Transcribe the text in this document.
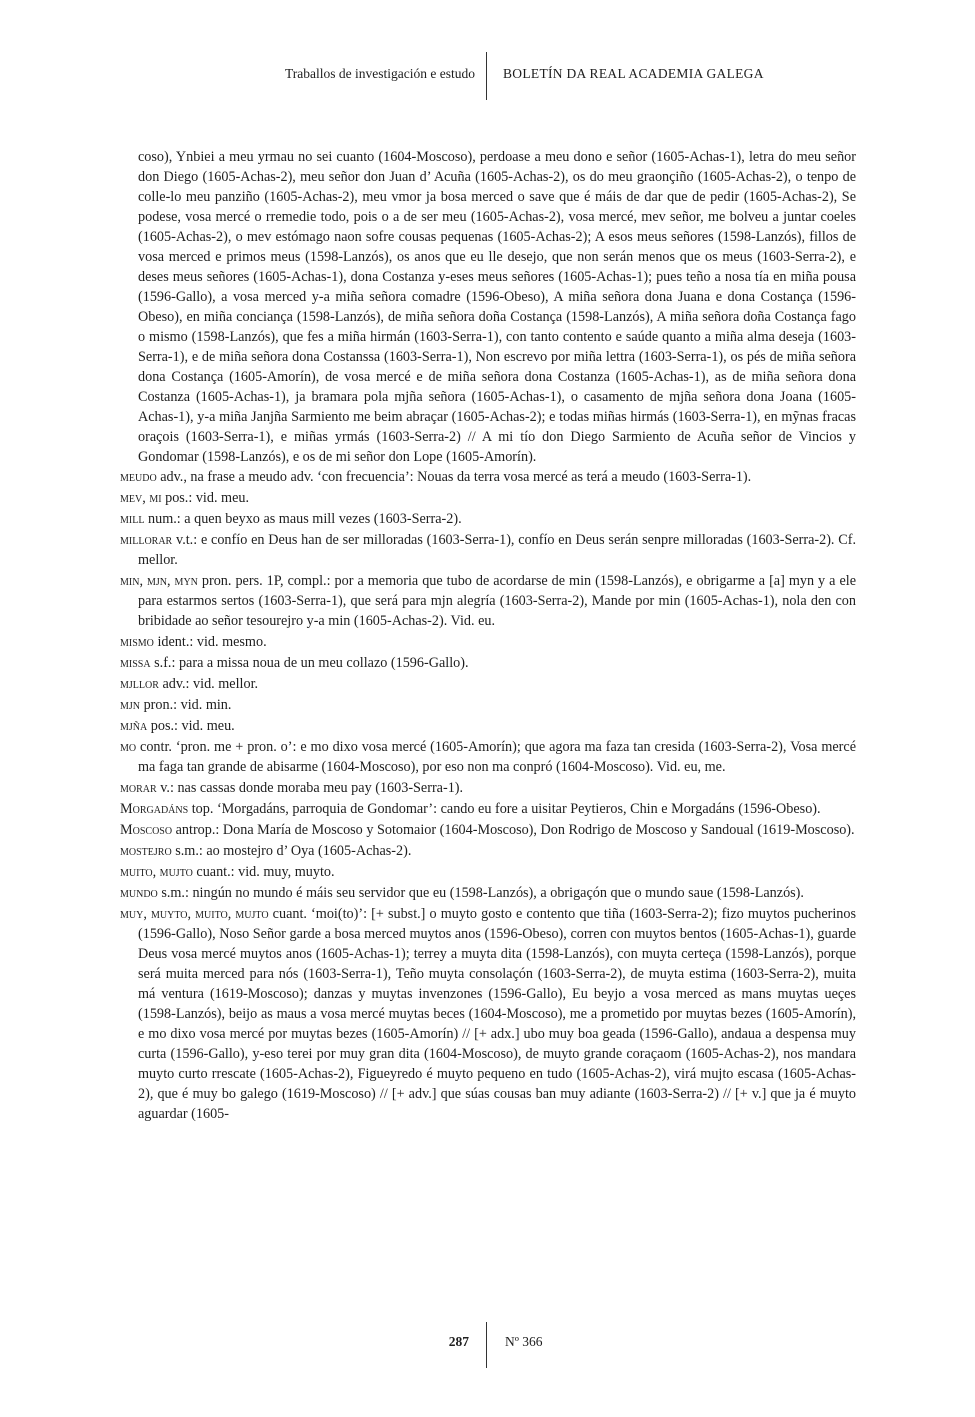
Traballos de investigación e estudo BOLETÍN DA REAL ACADEMIA GALEGA

coso), Ynbiei a meu yrmau no sei cuanto (1604-Moscoso), perdoase a meu dono e señor (1605-Achas-1), letra do meu señor don Diego (1605-Achas-2), meu señor don Juan d’ Acuña (1605-Achas-2), os do meu graonçiño (1605-Achas-2), o tenpo de colle-lo meu panziño (1605-Achas-2), meu vmor ja bosa merced o save que é máis de dar que de pedir (1605-Achas-2), Se podese, vosa mercé o rremedie todo, pois o a de ser meu (1605-Achas-2), vosa mercé, mev señor, me bolveu a juntar coeles (1605-Achas-2), o mev estómago naon sofre cousas pequenas (1605-Achas-2); A esos meus señores (1598-Lanzós), fillos de vosa merced e primos meus (1598-Lanzós), os anos que eu lle desejo, que non serán menos que os meus (1603-Serra-2), e deses meus señores (1605-Achas-1), dona Costanza y-eses meus señores (1605-Achas-1); pues teño a nosa tía en miña pousa (1596-Gallo), a vosa merced y-a miña señora comadre (1596-Obeso), A miña señora dona Juana e dona Costança (1596-Obeso), en miña conciança (1598-Lanzós), de miña señora doña Costança (1598-Lanzós), A miña señora doña Costança fago o mismo (1598-Lanzós), que fes a miña hirmán (1603-Serra-1), con tanto contento e saúde quanto a miña alma deseja (1603-Serra-1), e de miña señora dona Costanssa (1603-Serra-1), Non escrevo por miña lettra (1603-Serra-1), os pés de miña señora dona Costança (1605-Amorín), de vosa mercé e de miña señora dona Costanza (1605-Achas-1), as de miña señora dona Costanza (1605-Achas-1), ja bramara pola mjña señora (1605-Achas-1), o casamento de mjña señora dona Joana (1605-Achas-1), y-a miña Janjña Sarmiento me beim abraçar (1605-Achas-2); e todas miñas hirmás (1603-Serra-1), en mỹnas fracas oraçois (1603-Serra-1), e miñas yrmás (1603-Serra-2) // A mi tío don Diego Sarmiento de Acuña señor de Vincios y Gondomar (1598-Lanzós), e os de mi señor don Lope (1605-Amorín).

meudo adv., na frase a meudo adv. ‘con frecuencia’: Nouas da terra vosa mercé as terá a meudo (1603-Serra-1).

mev, mi pos.: vid. meu.

mill num.: a quen beyxo as maus mill vezes (1603-Serra-2).

millorar v.t.: e confío en Deus han de ser milloradas (1603-Serra-1), confío en Deus serán senpre milloradas (1603-Serra-2). Cf. mellor.

min, mjn, myn pron. pers. 1P, compl.: por a memoria que tubo de acordarse de min (1598-Lanzós), e obrigarme a [a] myn y a ele para estarmos sertos (1603-Serra-1), que será para mjn alegría (1603-Serra-2), Mande por min (1605-Achas-1), nola den con bribidade ao señor tesourejro y-a min (1605-Achas-2). Vid. eu.

mismo ident.: vid. mesmo.

missa s.f.: para a missa noua de un meu collazo (1596-Gallo).

mjllor adv.: vid. mellor.

mjn pron.: vid. min.

mjña pos.: vid. meu.

mo contr. ‘pron. me + pron. o’: e mo dixo vosa mercé (1605-Amorín); que agora ma faza tan cresida (1603-Serra-2), Vosa mercé ma faga tan grande de abisarme (1604-Moscoso), por eso non ma conpró (1604-Moscoso). Vid. eu, me.

morar v.: nas cassas donde moraba meu pay (1603-Serra-1).

Morgadáns top. ‘Morgadáns, parroquia de Gondomar’: cando eu fore a uisitar Peytieros, Chin e Morgadáns (1596-Obeso).

Moscoso antrop.: Dona María de Moscoso y Sotomaior (1604-Moscoso), Don Rodrigo de Moscoso y Sandoual (1619-Moscoso).

mostejro s.m.: ao mostejro d’ Oya (1605-Achas-2).

muito, mujto cuant.: vid. muy, muyto.

mundo s.m.: ningún no mundo é máis seu servidor que eu (1598-Lanzós), a obrigaçón que o mundo saue (1598-Lanzós).

muy, muyto, muito, mujto cuant. ‘moi(to)’: [+ subst.] o muyto gosto e contento que tiña (1603-Serra-2); fizo muytos pucherinos (1596-Gallo), Noso Señor garde a bosa merced muytos anos (1596-Obeso), corren con muytos bentos (1605-Achas-1), guarde Deus vosa mercé muytos anos (1605-Achas-1); terrey a muyta dita (1598-Lanzós), con muyta certeça (1598-Lanzós), porque será muita merced para nós (1603-Serra-1), Teño muyta consolaçón (1603-Serra-2), de muyta estima (1603-Serra-2), muita má ventura (1619-Moscoso); danzas y muytas invenzones (1596-Gallo), Eu beyjo a vosa merced as mans muytas ueçes (1598-Lanzós), beijo as maus a vosa mercé muytas beces (1604-Moscoso), me a prometido por muytas bezes (1605-Amorín), e mo dixo vosa mercé por muytas bezes (1605-Amorín) // [+ adx.] ubo muy boa geada (1596-Gallo), andaua a despensa muy curta (1596-Gallo), y-eso terei por muy gran dita (1604-Moscoso), de muyto grande coraçaom (1605-Achas-2), nos mandara muyto curto rrescate (1605-Achas-2), Figueyredo é muyto pequeno en tudo (1605-Achas-2), virá mujto escasa (1605-Achas-2), que é muy bo galego (1619-Moscoso) // [+ adv.] que súas cousas ban muy adiante (1603-Serra-2) // [+ v.] que ja é muyto aguardar (1605-

287	Nº 366
